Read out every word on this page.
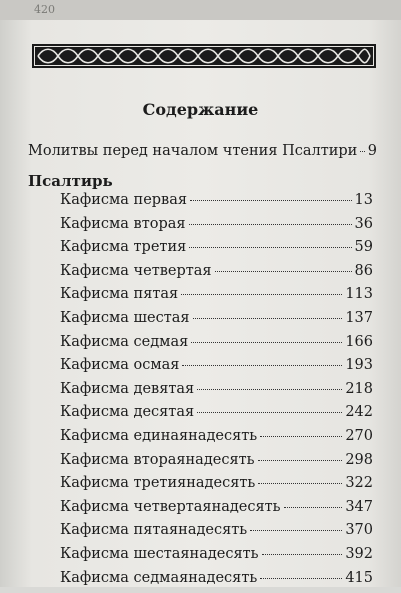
420
Содержание
Молитвы перед началом чтения Псалтири 9
Псалтирь
Кафисма первая	13
Кафисма вторая	36
Кафисма третия	59
Кафисма четвертая	86
Кафисма пятая	113
Кафисма шестая	137
Кафисма седмая	166
Кафисма осмая	193
Кафисма девятая	218
Кафисма десятая	242
Кафисма единаянадесять	270
Кафисма втораянадесять	298
Кафисма третиянадесять	322
Кафисма четвертаянадесять	347
Кафисма пятаянадесять	370
Кафисма шестаянадесять	392
Кафисма седмаянадесять	415
